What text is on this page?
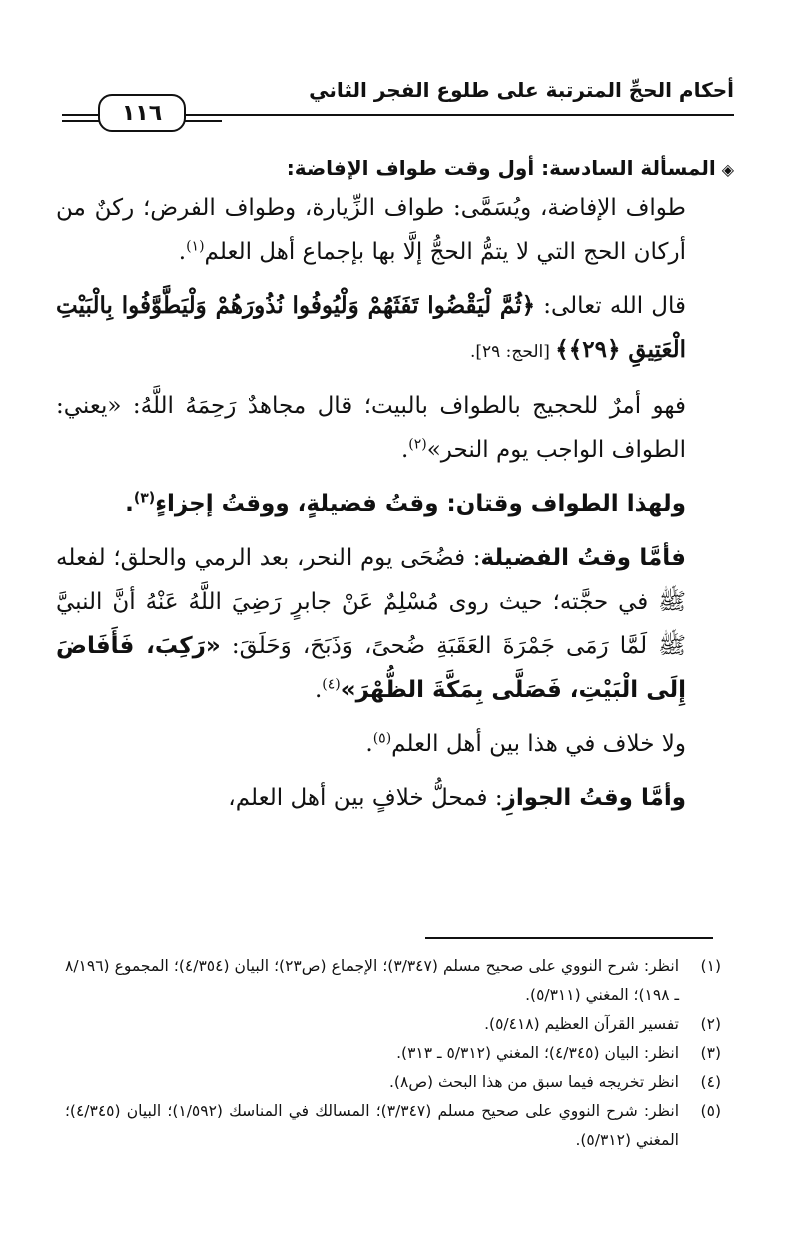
أحكام الحجِّ المترتبة على طلوع الفجر الثاني
١١٦
◈المسألة السادسة: أول وقت طواف الإفاضة:

طواف الإفاضة، ويُسَمَّى: طواف الزِّيارة، وطواف الفرض؛ ركنٌ من أركان الحج التي لا يتمُّ الحجُّ إلَّا بها بإجماع أهل العلم$^{(١)}$.

قال الله تعالى: ﴿ثُمَّ لْيَقْضُوا تَفَثَهُمْ وَلْيُوفُوا نُذُورَهُمْ وَلْيَطَّوَّفُوا بِالْبَيْتِ الْعَتِيقِ ﴿٢٩﴾﴾ [الحج: ٢٩].

فهو أمرٌ للحجيج بالطواف بالبيت؛ قال مجاهدٌ رَحِمَهُ اللَّهُ: «يعني: الطواف الواجب يوم النحر»$^{(٢)}$.

ولهذا الطواف وقتان: وقتُ فضيلةٍ، ووقتُ إجزاءٍ$^{(٣)}$.

فأمَّا وقتُ الفضيلة: فضُحَى يوم النحر، بعد الرمي والحلق؛ لفعله ﷺ في حجَّته؛ حيث روى مُسْلِمٌ عَنْ جابرٍ رَضِيَ اللَّهُ عَنْهُ أنَّ النبيَّ ﷺ لَمَّا رَمَى جَمْرَةَ العَقَبَةِ ضُحىً، وَذَبَحَ، وَحَلَقَ: «رَكِبَ، فَأَفَاضَ إِلَى الْبَيْتِ، فَصَلَّى بِمَكَّةَ الظُّهْرَ»$^{(٤)}$.

ولا خلاف في هذا بين أهل العلم$^{(٥)}$.

وأمَّا وقتُ الجوازِ: فمحلُّ خلافٍ بين أهل العلم،

(١)
انظر: شرح النووي على صحيح مسلم (٣/٣٤٧)؛ الإجماع (ص٢٣)؛ البيان (٤/٣٥٤)؛ المجموع (٨/١٩٦ ـ ١٩٨)؛ المغني (٥/٣١١).
(٢)
تفسير القرآن العظيم (٥/٤١٨).
(٣)
انظر: البيان (٤/٣٤٥)؛ المغني (٥/٣١٢ ـ ٣١٣).
(٤)
انظر تخريجه فيما سبق من هذا البحث (ص٨).
(٥)
انظر: شرح النووي على صحيح مسلم (٣/٣٤٧)؛ المسالك في المناسك (١/٥٩٢)؛ البيان (٤/٣٤٥)؛ المغني (٥/٣١٢).
